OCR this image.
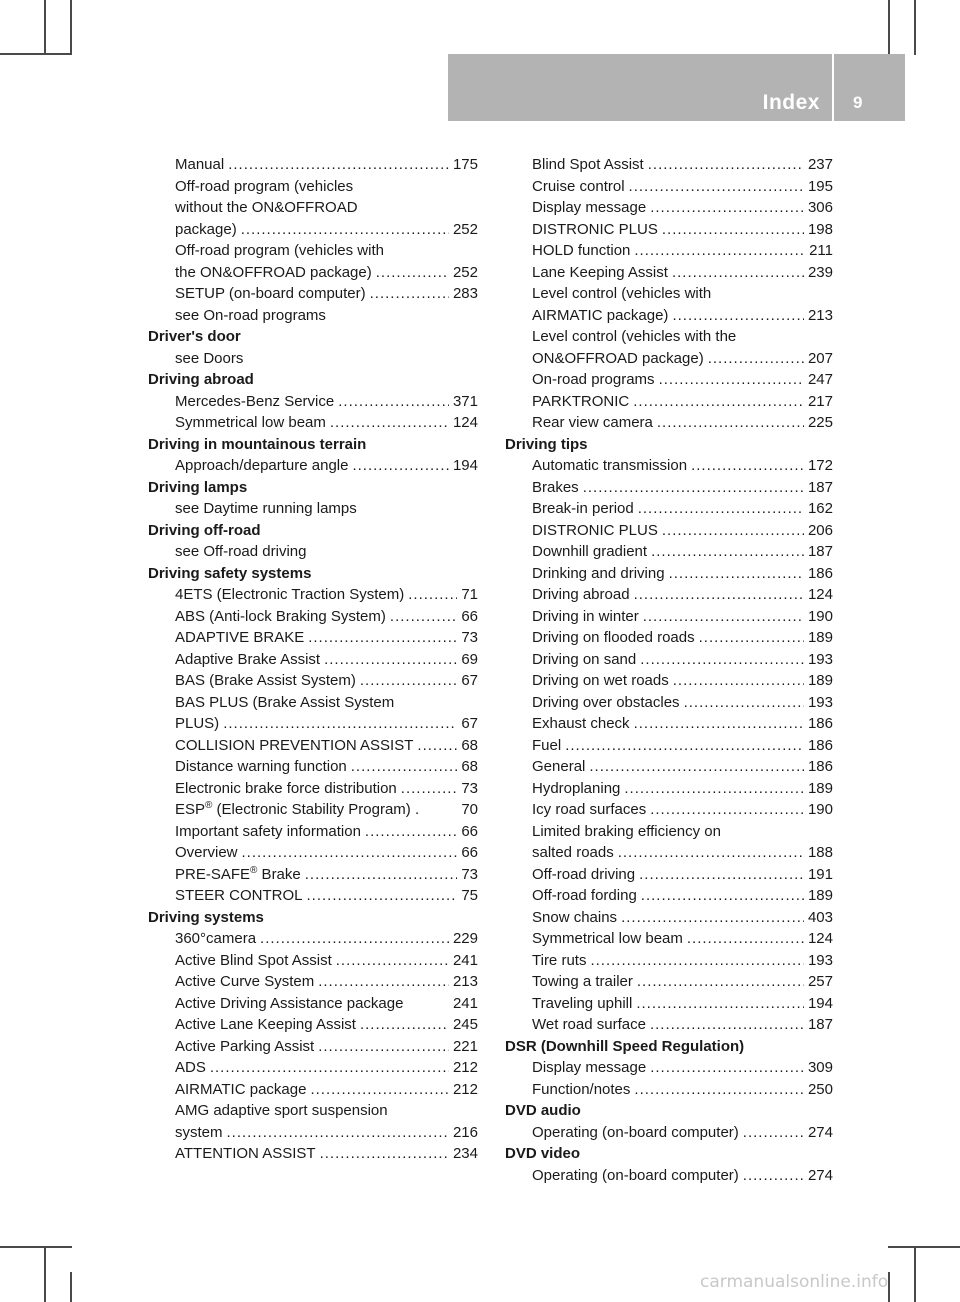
Index 9
Manual .....	175
Off-road program (vehicles
without the ON&OFFROAD
package) .....	252
Off-road program (vehicles with
the ON&OFFROAD package) .....	252
SETUP (on-board computer) .....	283
see On-road programs
Driver's door
see Doors
Driving abroad
Mercedes-Benz Service .....	371
Symmetrical low beam .....	124
Driving in mountainous terrain
Approach/departure angle .....	194
Driving lamps
see Daytime running lamps
Driving off-road
see Off-road driving
Driving safety systems
4ETS (Electronic Traction System) .....	71
ABS (Anti-lock Braking System) .....	66
ADAPTIVE BRAKE .....	73
Adaptive Brake Assist .....	69
BAS (Brake Assist System) .....	67
BAS PLUS (Brake Assist System
PLUS) .....	67
COLLISION PREVENTION ASSIST .....	68
Distance warning function .....	68
Electronic brake force distribution .....	73
ESP® (Electronic Stability Program) .	70
Important safety information .....	66
Overview .....	66
PRE-SAFE® Brake .....	73
STEER CONTROL .....	75
Driving systems
360°camera .....	229
Active Blind Spot Assist .....	241
Active Curve System .....	213
Active Driving Assistance package	241
Active Lane Keeping Assist .....	245
Active Parking Assist .....	221
ADS .....	212
AIRMATIC package .....	212
AMG adaptive sport suspension
system .....	216
ATTENTION ASSIST .....	234
Blind Spot Assist .....	237
Cruise control .....	195
Display message .....	306
DISTRONIC PLUS .....	198
HOLD function .....	211
Lane Keeping Assist .....	239
Level control (vehicles with
AIRMATIC package) .....	213
Level control (vehicles with the
ON&OFFROAD package) .....	207
On-road programs .....	247
PARKTRONIC .....	217
Rear view camera .....	225
Driving tips
Automatic transmission .....	172
Brakes .....	187
Break-in period .....	162
DISTRONIC PLUS .....	206
Downhill gradient .....	187
Drinking and driving .....	186
Driving abroad .....	124
Driving in winter .....	190
Driving on flooded roads .....	189
Driving on sand .....	193
Driving on wet roads .....	189
Driving over obstacles .....	193
Exhaust check .....	186
Fuel .....	186
General .....	186
Hydroplaning .....	189
Icy road surfaces .....	190
Limited braking efficiency on
salted roads .....	188
Off-road driving .....	191
Off-road fording .....	189
Snow chains .....	403
Symmetrical low beam .....	124
Tire ruts .....	193
Towing a trailer .....	257
Traveling uphill .....	194
Wet road surface .....	187
DSR (Downhill Speed Regulation)
Display message .....	309
Function/notes .....	250
DVD audio
Operating (on-board computer) .....	274
DVD video
Operating (on-board computer) .....	274
carmanualsonline.info
